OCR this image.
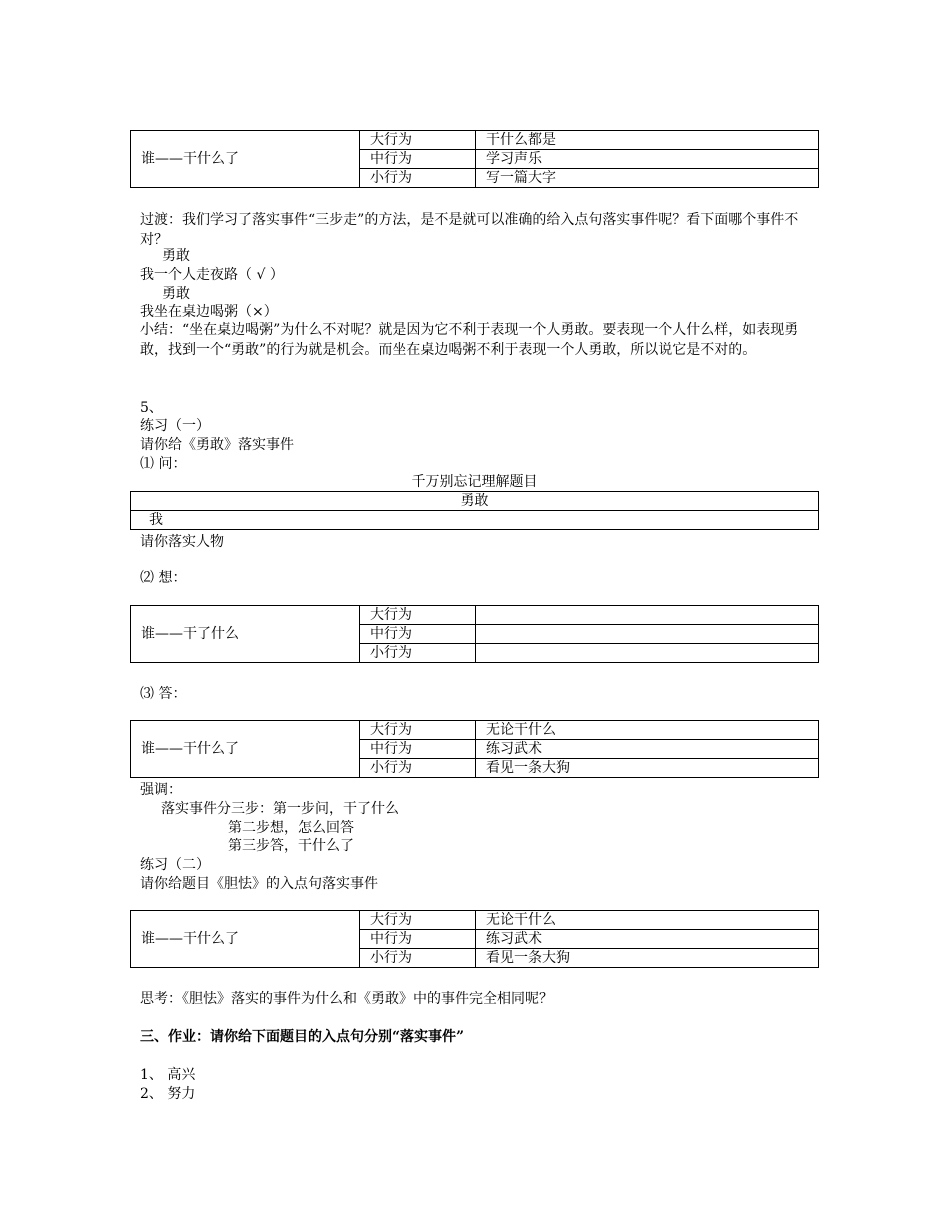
谁——干什么了	大行为	干什么都是
	中行为	学习声乐
	小行为	写一篇大字
过渡：我们学习了落实事件“三步走”的方法，是不是就可以准确的给入点句落实事件呢？看下面哪个事件不对？
勇敢
我一个人走夜路（ √ ）
勇敢
我坐在桌边喝粥（×）
小结：“坐在桌边喝粥”为什么不对呢？就是因为它不利于表现一个人勇敢。要表现一个人什么样，如表现勇敢，找到一个“勇敢”的行为就是机会。而坐在桌边喝粥不利于表现一个人勇敢，所以说它是不对的。
5、
练习（一）
请你给《勇敢》落实事件
⑴ 问：
千万别忘记理解题目
勇敢
我
请你落实人物
⑵ 想：
谁——干了什么	大行为	
	中行为	
	小行为	
⑶ 答：
谁——干什么了	大行为	无论干什么
	中行为	练习武术
	小行为	看见一条大狗
强调：
落实事件分三步：第一步问，干了什么
第二步想，怎么回答
第三步答，干什么了
练习（二）
请你给题目《胆怯》的入点句落实事件
谁——干什么了	大行为	无论干什么
	中行为	练习武术
	小行为	看见一条大狗
思考：《胆怯》落实的事件为什么和《勇敢》中的事件完全相同呢？
三、作业：请你给下面题目的入点句分别“落实事件”
1、 高兴
2、 努力
